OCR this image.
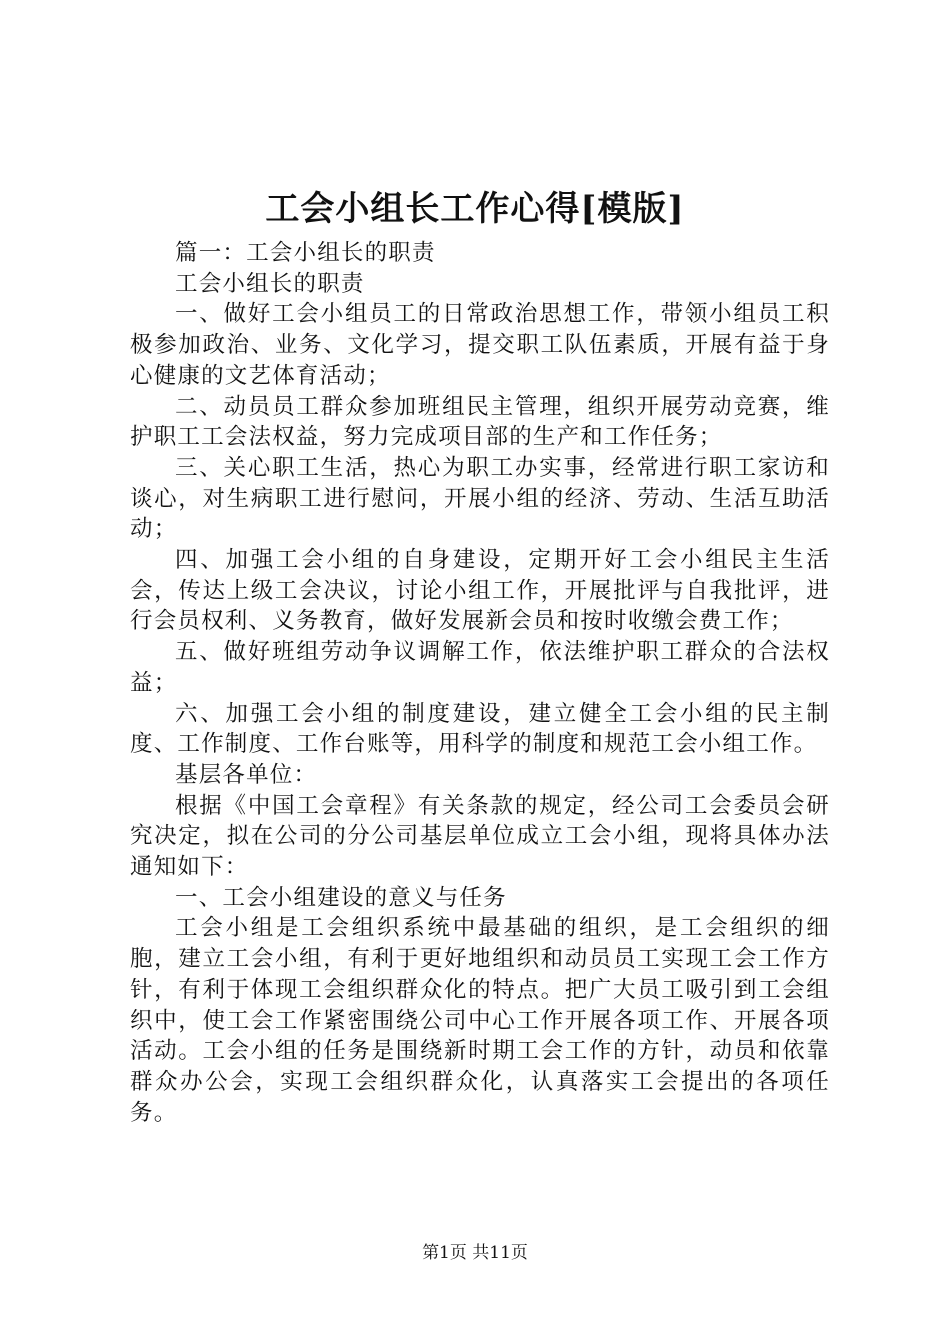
工会小组长工作心得[模版]

篇一：工会小组长的职责

工会小组长的职责

一、做好工会小组员工的日常政治思想工作，带领小组员工积极参加政治、业务、文化学习，提交职工队伍素质，开展有益于身心健康的文艺体育活动；

二、动员员工群众参加班组民主管理，组织开展劳动竞赛，维护职工工会法权益，努力完成项目部的生产和工作任务；

三、关心职工生活，热心为职工办实事，经常进行职工家访和谈心，对生病职工进行慰问，开展小组的经济、劳动、生活互助活动；

四、加强工会小组的自身建设，定期开好工会小组民主生活会，传达上级工会决议，讨论小组工作，开展批评与自我批评，进行会员权利、义务教育，做好发展新会员和按时收缴会费工作；

五、做好班组劳动争议调解工作，依法维护职工群众的合法权益；

六、加强工会小组的制度建设，建立健全工会小组的民主制度、工作制度、工作台账等，用科学的制度和规范工会小组工作。

基层各单位：

根据《中国工会章程》有关条款的规定，经公司工会委员会研究决定，拟在公司的分公司基层单位成立工会小组，现将具体办法通知如下：

一、工会小组建设的意义与任务

工会小组是工会组织系统中最基础的组织，是工会组织的细胞，建立工会小组，有利于更好地组织和动员员工实现工会工作方针，有利于体现工会组织群众化的特点。把广大员工吸引到工会组织中，使工会工作紧密围绕公司中心工作开展各项工作、开展各项活动。工会小组的任务是围绕新时期工会工作的方针，动员和依靠群众办公会，实现工会组织群众化，认真落实工会提出的各项任务。

第1页 共11页
